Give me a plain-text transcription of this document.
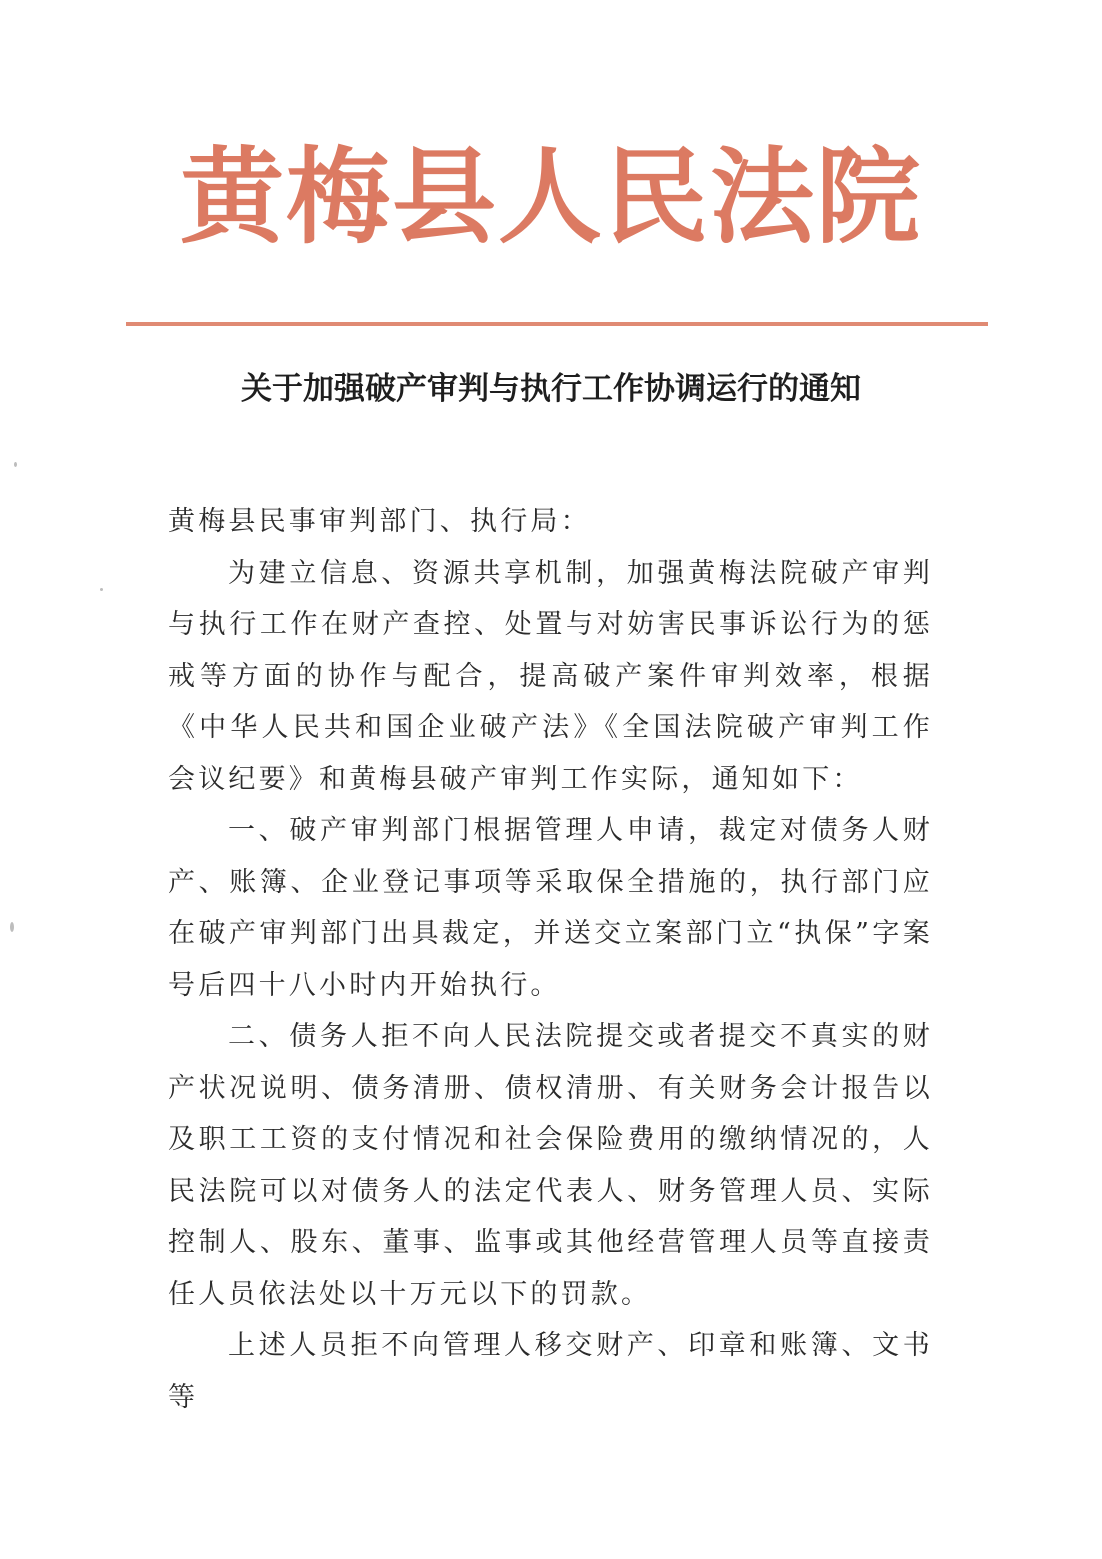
黄梅县人民法院
关于加强破产审判与执行工作协调运行的通知

黄梅县民事审判部门、执行局：

为建立信息、资源共享机制，加强黄梅法院破产审判与执行工作在财产查控、处置与对妨害民事诉讼行为的惩戒等方面的协作与配合，提高破产案件审判效率，根据《中华人民共和国企业破产法》《全国法院破产审判工作会议纪要》和黄梅县破产审判工作实际，通知如下：

一、破产审判部门根据管理人申请，裁定对债务人财产、账簿、企业登记事项等采取保全措施的，执行部门应在破产审判部门出具裁定，并送交立案部门立“执保”字案号后四十八小时内开始执行。

二、债务人拒不向人民法院提交或者提交不真实的财产状况说明、债务清册、债权清册、有关财务会计报告以及职工工资的支付情况和社会保险费用的缴纳情况的，人民法院可以对债务人的法定代表人、财务管理人员、实际控制人、股东、董事、监事或其他经营管理人员等直接责任人员依法处以十万元以下的罚款。

上述人员拒不向管理人移交财产、印章和账簿、文书等
